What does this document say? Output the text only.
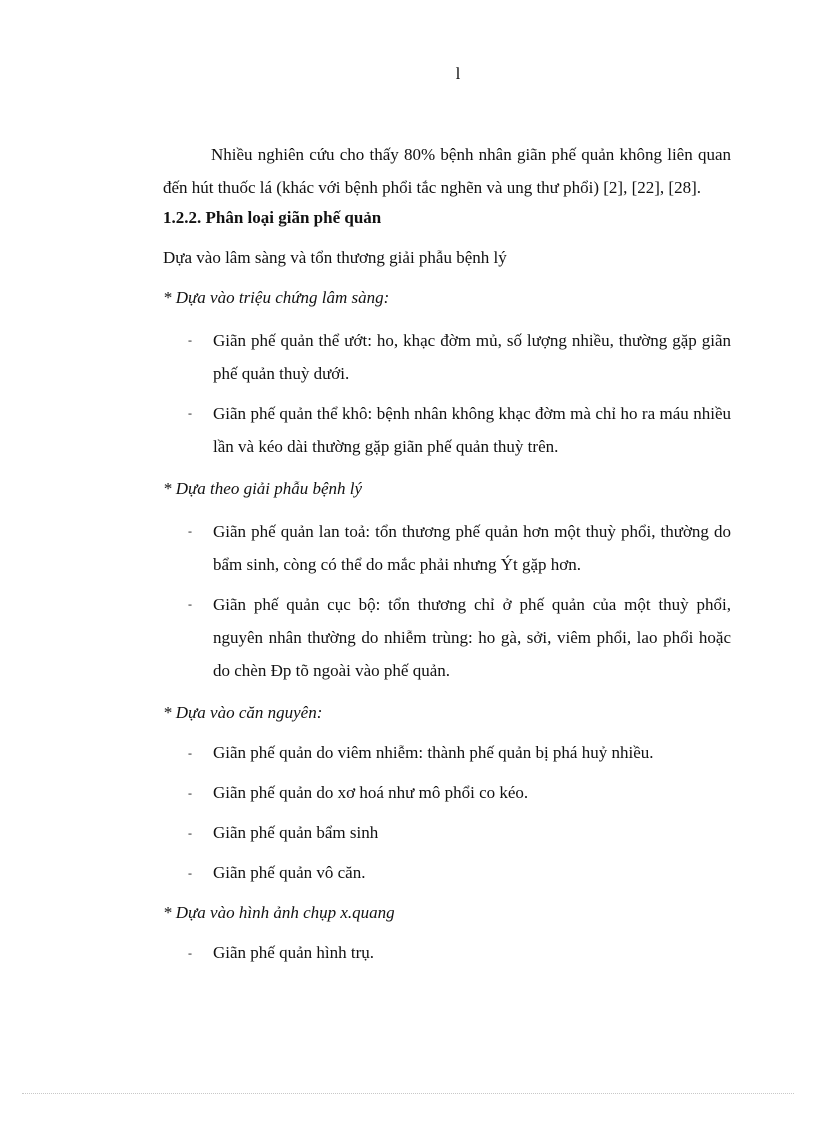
l

Nhiều nghiên cứu cho thấy 80% bệnh nhân giãn phế quản không liên quan đến hút thuốc lá (khác với bệnh phổi tắc nghẽn và ung thư phổi) [2], [22], [28].

1.2.2. Phân loại giãn phế quản

Dựa vào lâm sàng và tổn thương giải phẫu bệnh lý

* Dựa vào triệu chứng lâm sàng:

- Giãn phế quản thể ướt: ho, khạc đờm mủ, số lượng nhiều, thường gặp giãn phế quản thuỳ dưới.
- Giãn phế quản thể khô: bệnh nhân không khạc đờm mà chỉ ho ra máu nhiều lần và kéo dài thường gặp giãn phế quản thuỳ trên.

* Dựa theo giải phẫu bệnh lý

- Giãn phế quản lan toả: tổn thương phế quản hơn một thuỳ phổi, thường do bẩm sinh, còng có thể do mắc phải nhưng Ýt gặp hơn.
- Giãn phế quản cục bộ: tổn thương chỉ ở phế quản của một thuỳ phổi, nguyên nhân thường do nhiễm trùng: ho gà, sởi, viêm phổi, lao phổi hoặc do chèn Ðp tõ ngoài vào phế quản.

* Dựa vào căn nguyên:

- Giãn phế quản do viêm nhiễm: thành phế quản bị phá huỷ nhiều.
- Giãn phế quản do xơ hoá như mô phổi co kéo.
- Giãn phế quản bẩm sinh
- Giãn phế quản vô căn.

* Dựa vào hình ảnh chụp x.quang

- Giãn phế quản hình trụ.
